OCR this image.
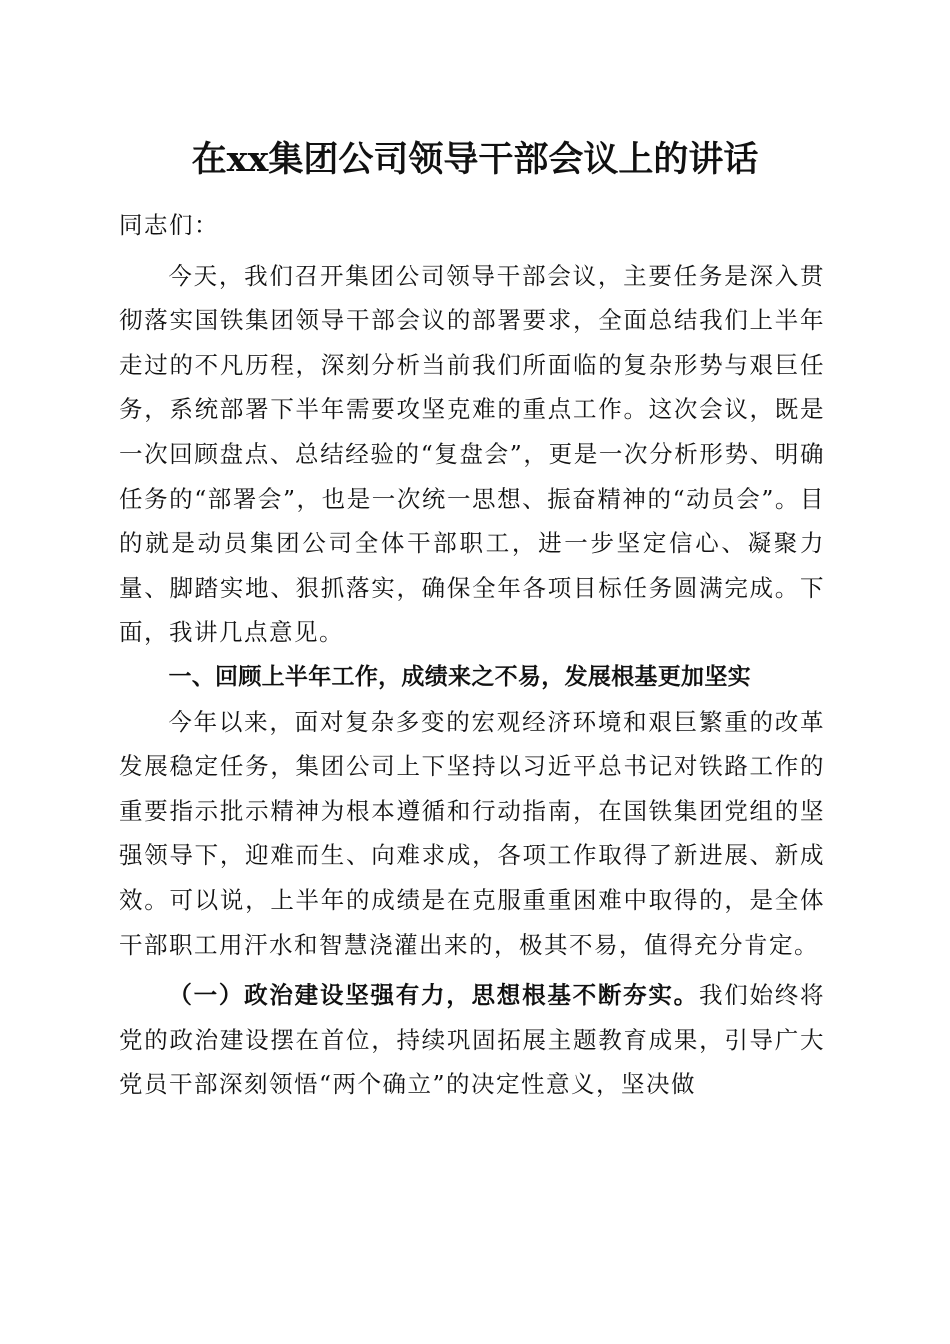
在xx集团公司领导干部会议上的讲话

同志们：

今天，我们召开集团公司领导干部会议，主要任务是深入贯彻落实国铁集团领导干部会议的部署要求，全面总结我们上半年走过的不凡历程，深刻分析当前我们所面临的复杂形势与艰巨任务，系统部署下半年需要攻坚克难的重点工作。这次会议，既是一次回顾盘点、总结经验的“复盘会”，更是一次分析形势、明确任务的“部署会”，也是一次统一思想、振奋精神的“动员会”。目的就是动员集团公司全体干部职工，进一步坚定信心、凝聚力量、脚踏实地、狠抓落实，确保全年各项目标任务圆满完成。下面，我讲几点意见。

一、回顾上半年工作，成绩来之不易，发展根基更加坚实

今年以来，面对复杂多变的宏观经济环境和艰巨繁重的改革发展稳定任务，集团公司上下坚持以习近平总书记对铁路工作的重要指示批示精神为根本遵循和行动指南，在国铁集团党组的坚强领导下，迎难而生、向难求成，各项工作取得了新进展、新成效。可以说，上半年的成绩是在克服重重困难中取得的，是全体干部职工用汗水和智慧浇灌出来的，极其不易，值得充分肯定。

（一）政治建设坚强有力，思想根基不断夯实。我们始终将党的政治建设摆在首位，持续巩固拓展主题教育成果，引导广大党员干部深刻领悟“两个确立”的决定性意义，坚决做
